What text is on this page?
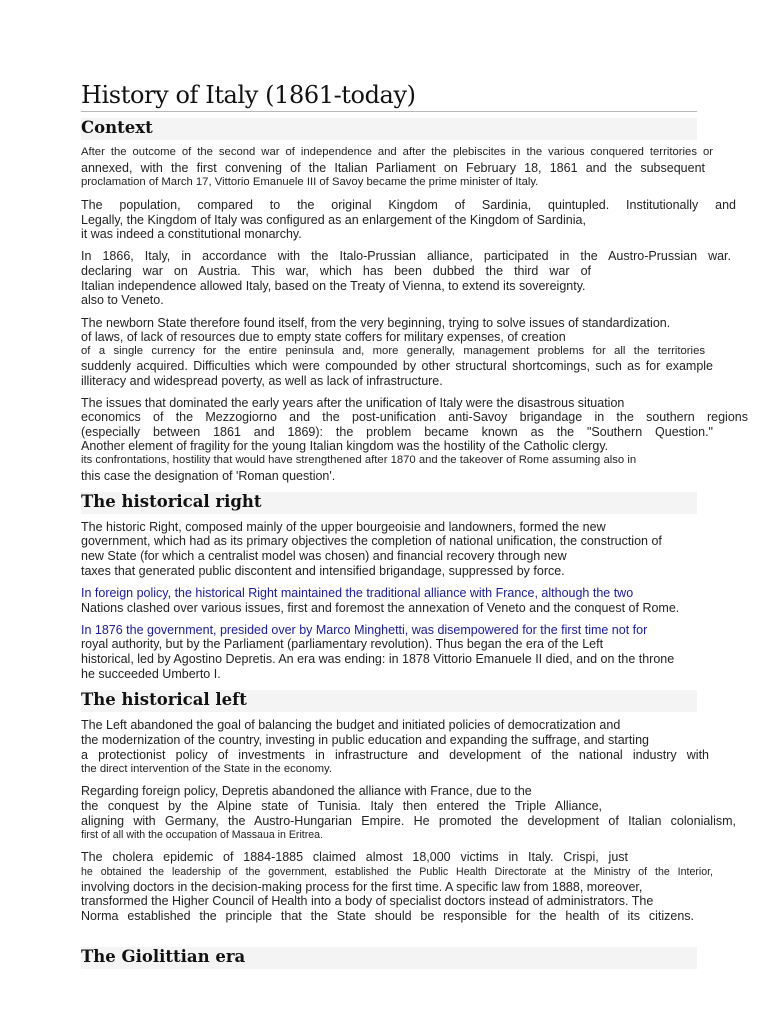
History of Italy (1861-today)
Context
After the outcome of the second war of independence and after the plebiscites in the various conquered territories or
annexed, with the first convening of the Italian Parliament on February 18, 1861 and the subsequent
proclamation of March 17, Vittorio Emanuele III of Savoy became the prime minister of Italy.
The population, compared to the original Kingdom of Sardinia, quintupled. Institutionally and
Legally, the Kingdom of Italy was configured as an enlargement of the Kingdom of Sardinia,
it was indeed a constitutional monarchy.
In 1866, Italy, in accordance with the Italo-Prussian alliance, participated in the Austro-Prussian war.
declaring war on Austria. This war, which has been dubbed the third war of
Italian independence allowed Italy, based on the Treaty of Vienna, to extend its sovereignty.
also to Veneto.
The newborn State therefore found itself, from the very beginning, trying to solve issues of standardization.
of laws, of lack of resources due to empty state coffers for military expenses, of creation
of a single currency for the entire peninsula and, more generally, management problems for all the territories
suddenly acquired. Difficulties which were compounded by other structural shortcomings, such as for example
illiteracy and widespread poverty, as well as lack of infrastructure.
The issues that dominated the early years after the unification of Italy were the disastrous situation
economics of the Mezzogiorno and the post-unification anti-Savoy brigandage in the southern regions
(especially between 1861 and 1869): the problem became known as the "Southern Question."
Another element of fragility for the young Italian kingdom was the hostility of the Catholic clergy.
its confrontations, hostility that would have strengthened after 1870 and the takeover of Rome assuming also in
this case the designation of 'Roman question'.
The historical right
The historic Right, composed mainly of the upper bourgeoisie and landowners, formed the new
government, which had as its primary objectives the completion of national unification, the construction of
new State (for which a centralist model was chosen) and financial recovery through new
taxes that generated public discontent and intensified brigandage, suppressed by force.
In foreign policy, the historical Right maintained the traditional alliance with France, although the two
Nations clashed over various issues, first and foremost the annexation of Veneto and the conquest of Rome.
In 1876 the government, presided over by Marco Minghetti, was disempowered for the first time not for
royal authority, but by the Parliament (parliamentary revolution). Thus began the era of the Left
historical, led by Agostino Depretis. An era was ending: in 1878 Vittorio Emanuele II died, and on the throne
he succeeded Umberto I.
The historical left
The Left abandoned the goal of balancing the budget and initiated policies of democratization and
the modernization of the country, investing in public education and expanding the suffrage, and starting
a protectionist policy of investments in infrastructure and development of the national industry with
the direct intervention of the State in the economy.
Regarding foreign policy, Depretis abandoned the alliance with France, due to the
the conquest by the Alpine state of Tunisia. Italy then entered the Triple Alliance,
aligning with Germany, the Austro-Hungarian Empire. He promoted the development of Italian colonialism,
first of all with the occupation of Massaua in Eritrea.
The cholera epidemic of 1884-1885 claimed almost 18,000 victims in Italy. Crispi, just
he obtained the leadership of the government, established the Public Health Directorate at the Ministry of the Interior,
involving doctors in the decision-making process for the first time. A specific law from 1888, moreover,
transformed the Higher Council of Health into a body of specialist doctors instead of administrators. The
Norma established the principle that the State should be responsible for the health of its citizens.
The Giolittian era
